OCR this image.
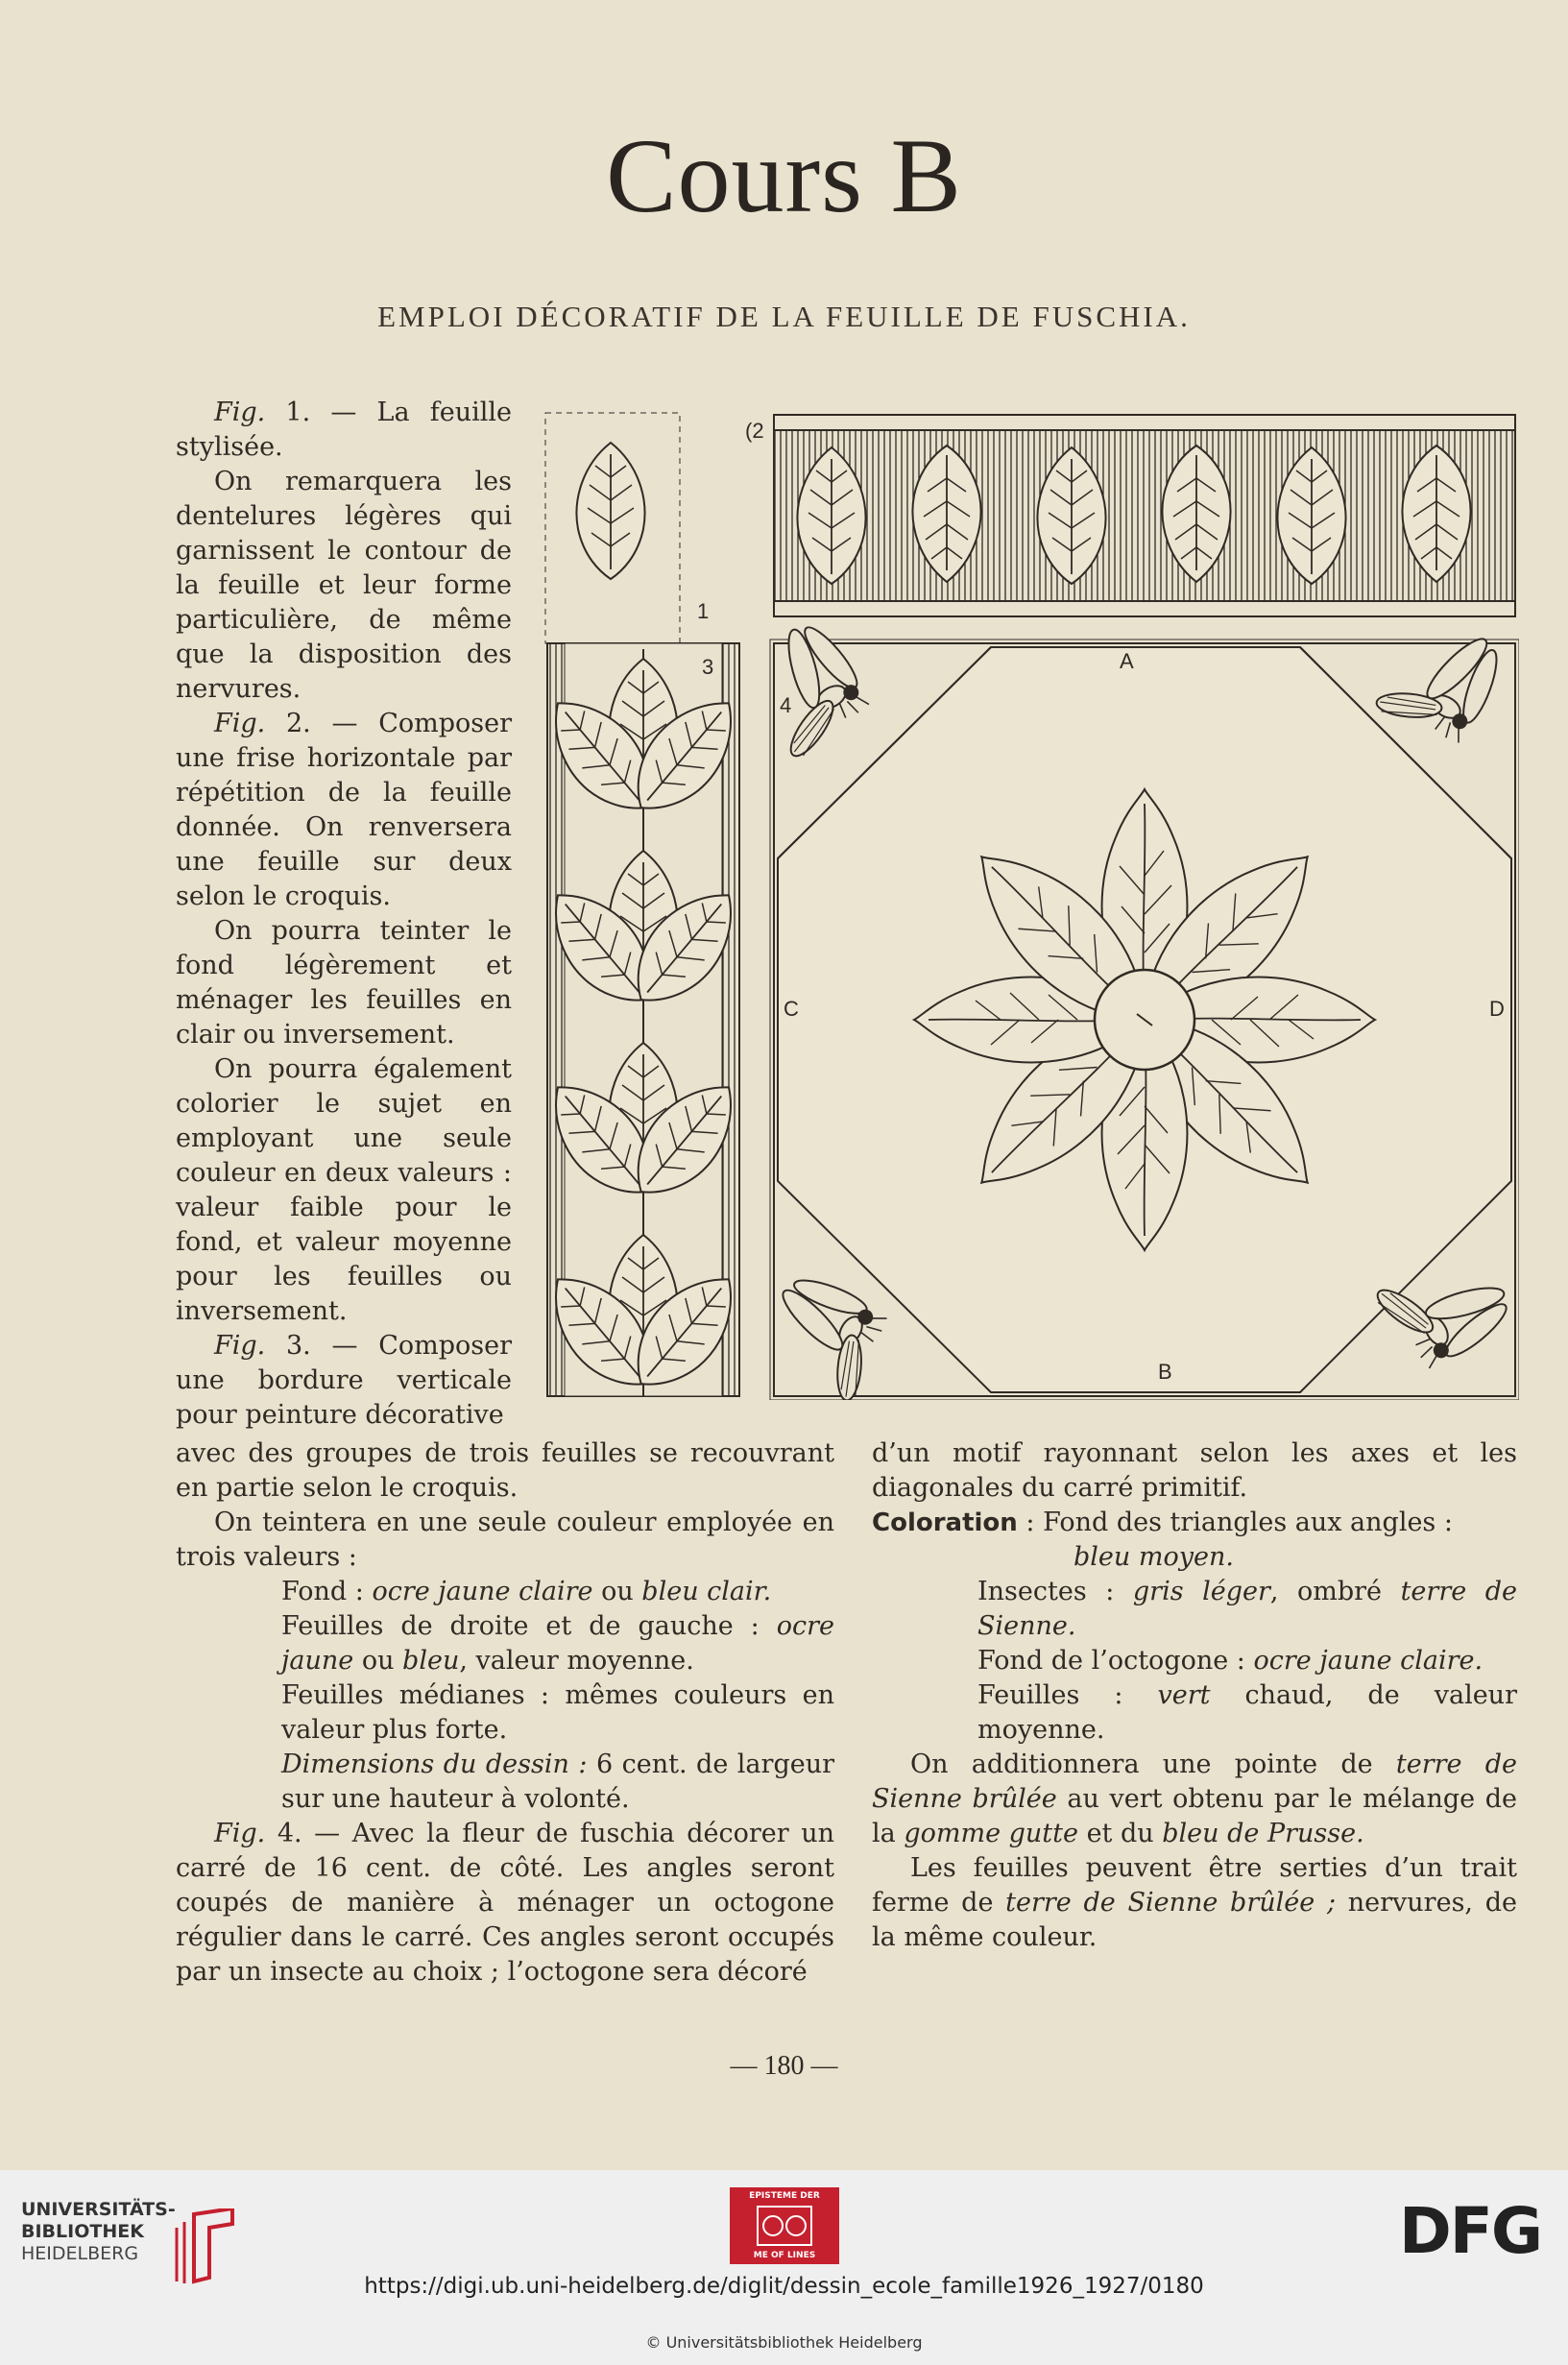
Cours B
EMPLOI DÉCORATIF DE LA FEUILLE DE FUSCHIA.

Fig. 1. — La feuille stylisée.

On remarquera les dentelures légères qui garnissent le contour de la feuille et leur forme particulière, de même que la disposition des nervures.

Fig. 2. — Composer une frise horizontale par répétition de la feuille donnée. On renversera une feuille sur deux selon le croquis.

On pourra teinter le fond légèrement et ménager les feuilles en clair ou inversement.

On pourra également colorier le sujet en employant une seule couleur en deux valeurs : valeur faible pour le fond, et valeur moyenne pour les feuilles ou inversement.

Fig. 3. — Composer une bordure verticale pour peinture décorative

1
(2
3	A
B
C	D
4

avec des groupes de trois feuilles se recouvrant en partie selon le croquis.

On teintera en une seule couleur employée en trois valeurs :

Fond : ocre jaune claire ou bleu clair.

Feuilles de droite et de gauche : ocre jaune ou bleu, valeur moyenne.

Feuilles médianes : mêmes couleurs en valeur plus forte.

Dimensions du dessin : 6 cent. de largeur sur une hauteur à volonté.

Fig. 4. — Avec la fleur de fuschia décorer un carré de 16 cent. de côté. Les angles seront coupés de manière à ménager un octogone régulier dans le carré. Ces angles seront occupés par un insecte au choix ; l’octogone sera décoré

d’un motif rayonnant selon les axes et les diagonales du carré primitif.

Coloration : Fond des triangles aux angles :

bleu moyen.

Insectes : gris léger, ombré terre de Sienne.

Fond de l’octogone : ocre jaune claire.

Feuilles : vert chaud, de valeur moyenne.

On additionnera une pointe de terre de Sienne brûlée au vert obtenu par le mélange de la gomme gutte et du bleu de Prusse.

Les feuilles peuvent être serties d’un trait ferme de terre de Sienne brûlée ; nervures, de la même couleur.

— 180 —
UNIVERSITÄTS-
BIBLIOTHEK
HEIDELBERG
EPISTEME DER
ME OF LINES	DFG
https://digi.ub.uni-heidelberg.de/diglit/dessin_ecole_famille1926_1927/0180
© Universitätsbibliothek Heidelberg
